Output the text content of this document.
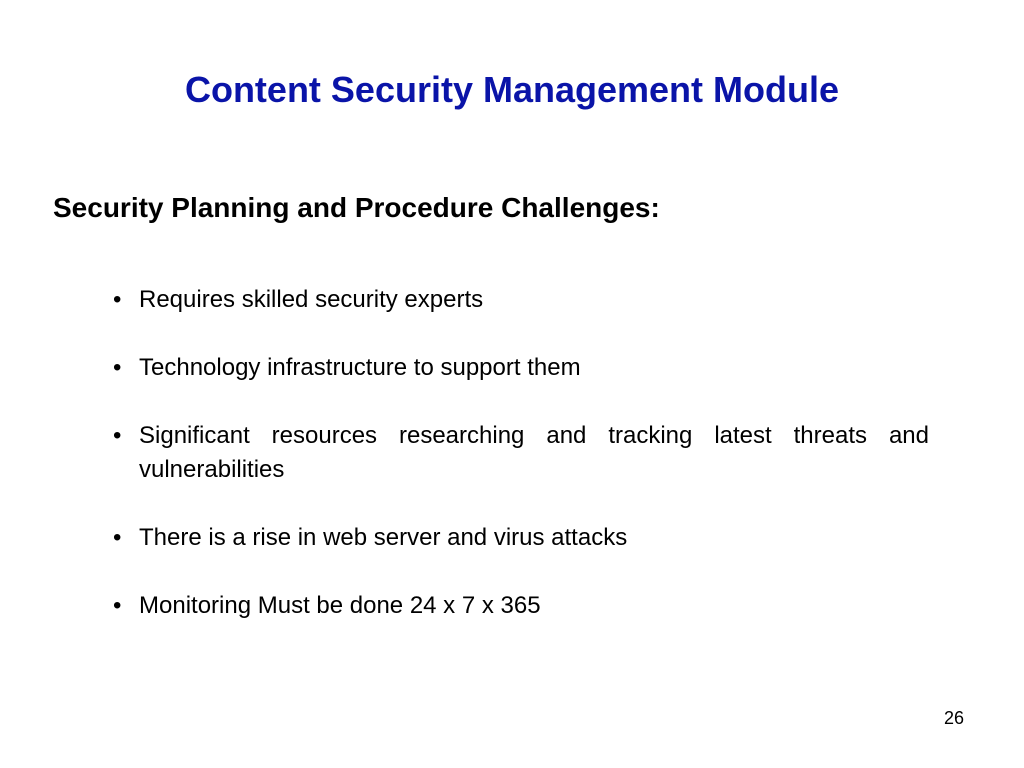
Content Security Management Module
Security Planning and Procedure Challenges:
• Requires skilled security experts
• Technology infrastructure to support them
• Significant resources researching and tracking latest threats and vulnerabilities
• There is a rise in web server and virus attacks
• Monitoring Must be done 24 x 7 x 365
26
